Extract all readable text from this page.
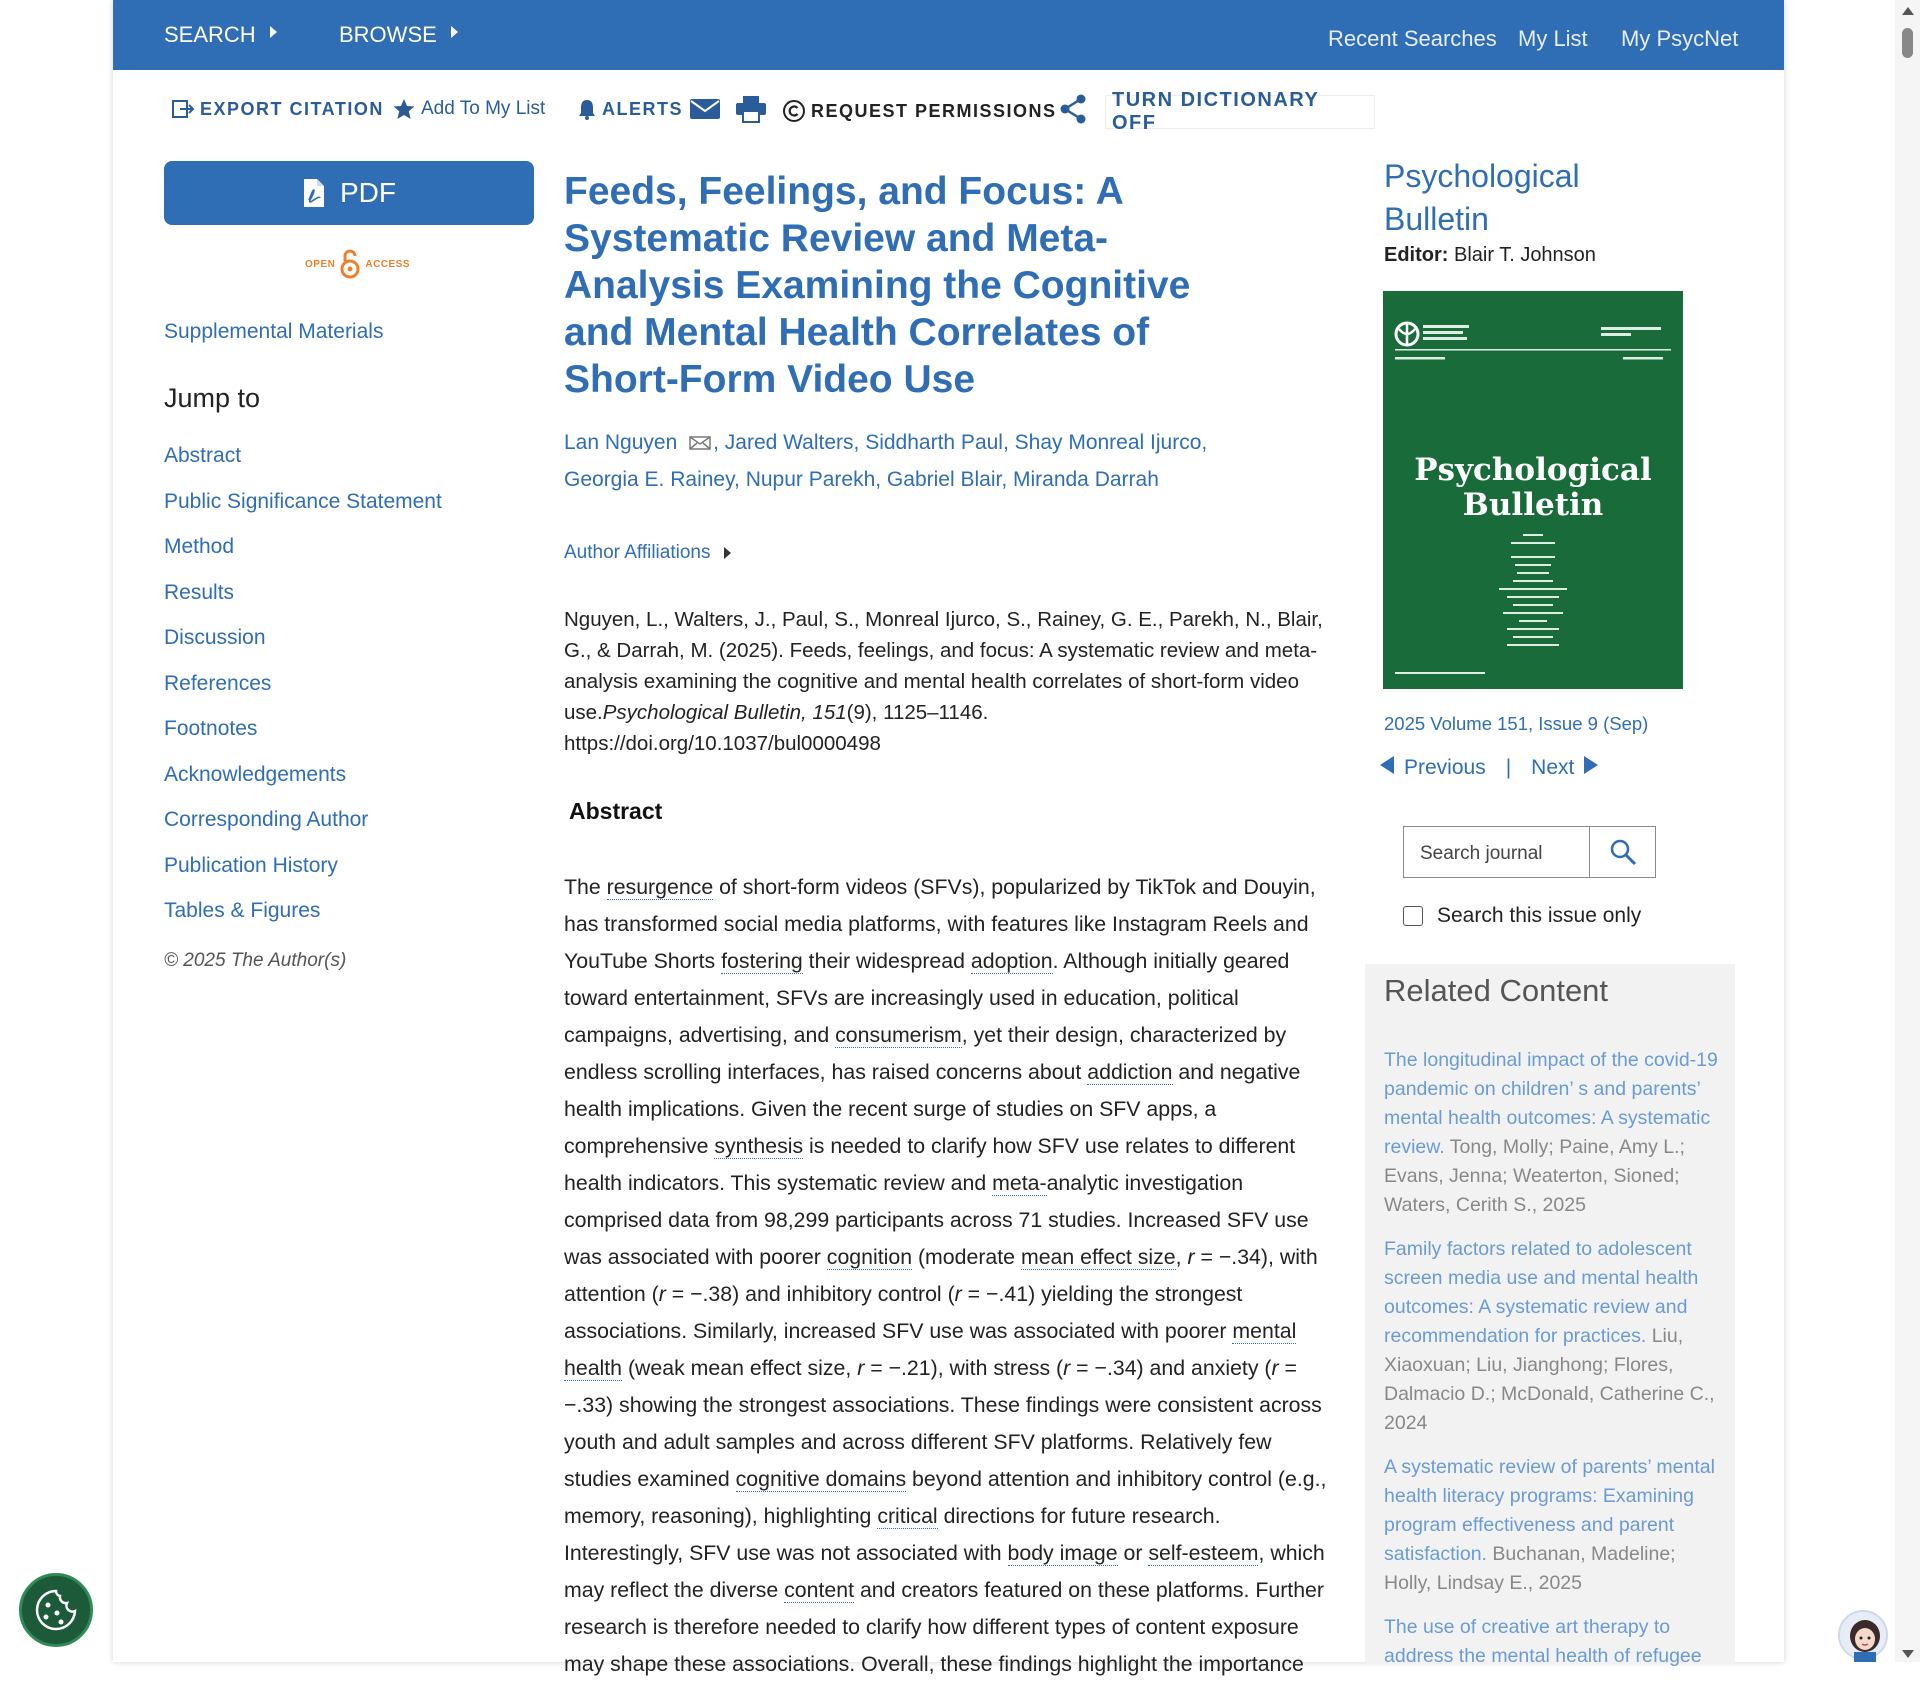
SEARCH	BROWSE	Recent Searches My List My PsycNet
EXPORT CITATION Add To My List	ALERTS	REQUEST PERMISSIONS	TURN DICTIONARY OFF
PDF
OPEN	ACCESS
Supplemental Materials
Jump to
Abstract
Public Significance Statement
Method
Results
Discussion
References
Footnotes
Acknowledgements
Corresponding Author
Publication History
Tables & Figures
© 2025 The Author(s)
Feeds, Feelings, and Focus: A Systematic Review and Meta-Analysis Examining the Cognitive and Mental Health Correlates of Short-Form Video Use
Lan Nguyen , Jared Walters, Siddharth Paul, Shay Monreal Ijurco, Georgia E. Rainey, Nupur Parekh, Gabriel Blair, Miranda Darrah
Author Affiliations
Nguyen, L., Walters, J., Paul, S., Monreal Ijurco, S., Rainey, G. E., Parekh, N., Blair, G., & Darrah, M. (2025). Feeds, feelings, and focus: A systematic review and meta-analysis examining the cognitive and mental health correlates of short-form video use.Psychological Bulletin, 151(9), 1125–1146.
https://doi.org/10.1037/bul0000498
Abstract

The resurgence of short-form videos (SFVs), popularized by TikTok and Douyin, has transformed social media platforms, with features like Instagram Reels and YouTube Shorts fostering their widespread adoption. Although initially geared toward entertainment, SFVs are increasingly used in education, political campaigns, advertising, and consumerism, yet their design, characterized by endless scrolling interfaces, has raised concerns about addiction and negative health implications. Given the recent surge of studies on SFV apps, a comprehensive synthesis is needed to clarify how SFV use relates to different health indicators. This systematic review and meta-analytic investigation comprised data from 98,299 participants across 71 studies. Increased SFV use was associated with poorer cognition (moderate mean effect size, r = −.34), with attention (r = −.38) and inhibitory control (r = −.41) yielding the strongest associations. Similarly, increased SFV use was associated with poorer mental health (weak mean effect size, r = −.21), with stress (r = −.34) and anxiety (r = −.33) showing the strongest associations. These findings were consistent across youth and adult samples and across different SFV platforms. Relatively few studies examined cognitive domains beyond attention and inhibitory control (e.g., memory, reasoning), highlighting critical directions for future research. Interestingly, SFV use was not associated with body image or self-esteem, which may reflect the diverse content and creators featured on these platforms. Further research is therefore needed to clarify how different types of content exposure may shape these associations. Overall, these findings highlight the importance

Psychological Bulletin
Editor: Blair T. Johnson
Psychological Bulletin
2025 Volume 151, Issue 9 (Sep)
Previous | Next
Search journal
Search this issue only
Related Content
The longitudinal impact of the covid-19 pandemic on children’ s and parents’ mental health outcomes: A systematic review. Tong, Molly; Paine, Amy L.; Evans, Jenna; Weaterton, Sioned; Waters, Cerith S., 2025
Family factors related to adolescent screen media use and mental health outcomes: A systematic review and recommendation for practices. Liu, Xiaoxuan; Liu, Jianghong; Flores, Dalmacio D.; McDonald, Catherine C., 2024
A systematic review of parents’ mental health literacy programs: Examining program effectiveness and parent satisfaction. Buchanan, Madeline; Holly, Lindsay E., 2025
The use of creative art therapy to address the mental health of refugee
